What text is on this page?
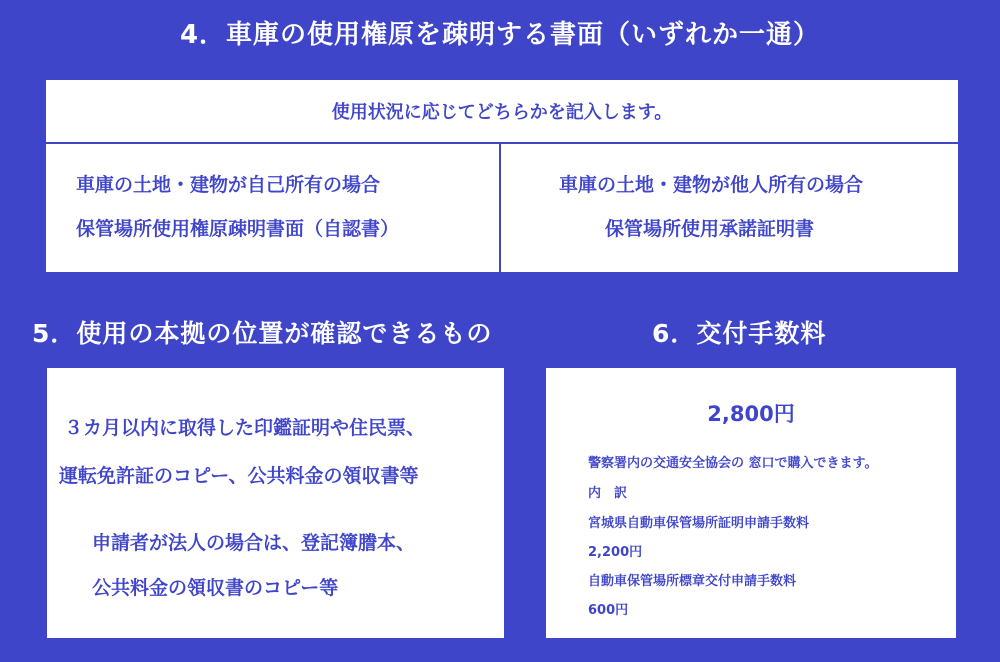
4．車庫の使用権原を疎明する書面（いずれか一通）
使用状況に応じてどちらかを記入します。
車庫の土地・建物が自己所有の場合
保管場所使用権原疎明書面（自認書）
車庫の土地・建物が他人所有の場合
保管場所使用承諾証明書
5．使用の本拠の位置が確認できるもの
３カ月以内に取得した印鑑証明や住民票、
運転免許証のコピー、公共料金の領収書等
申請者が法人の場合は、登記簿謄本、
公共料金の領収書のコピー等
6．交付手数料
2,800円
警察署内の交通安全協会の 窓口で購入できます。
内　訳
宮城県自動車保管場所証明申請手数料
2,200円
自動車保管場所標章交付申請手数料
600円
